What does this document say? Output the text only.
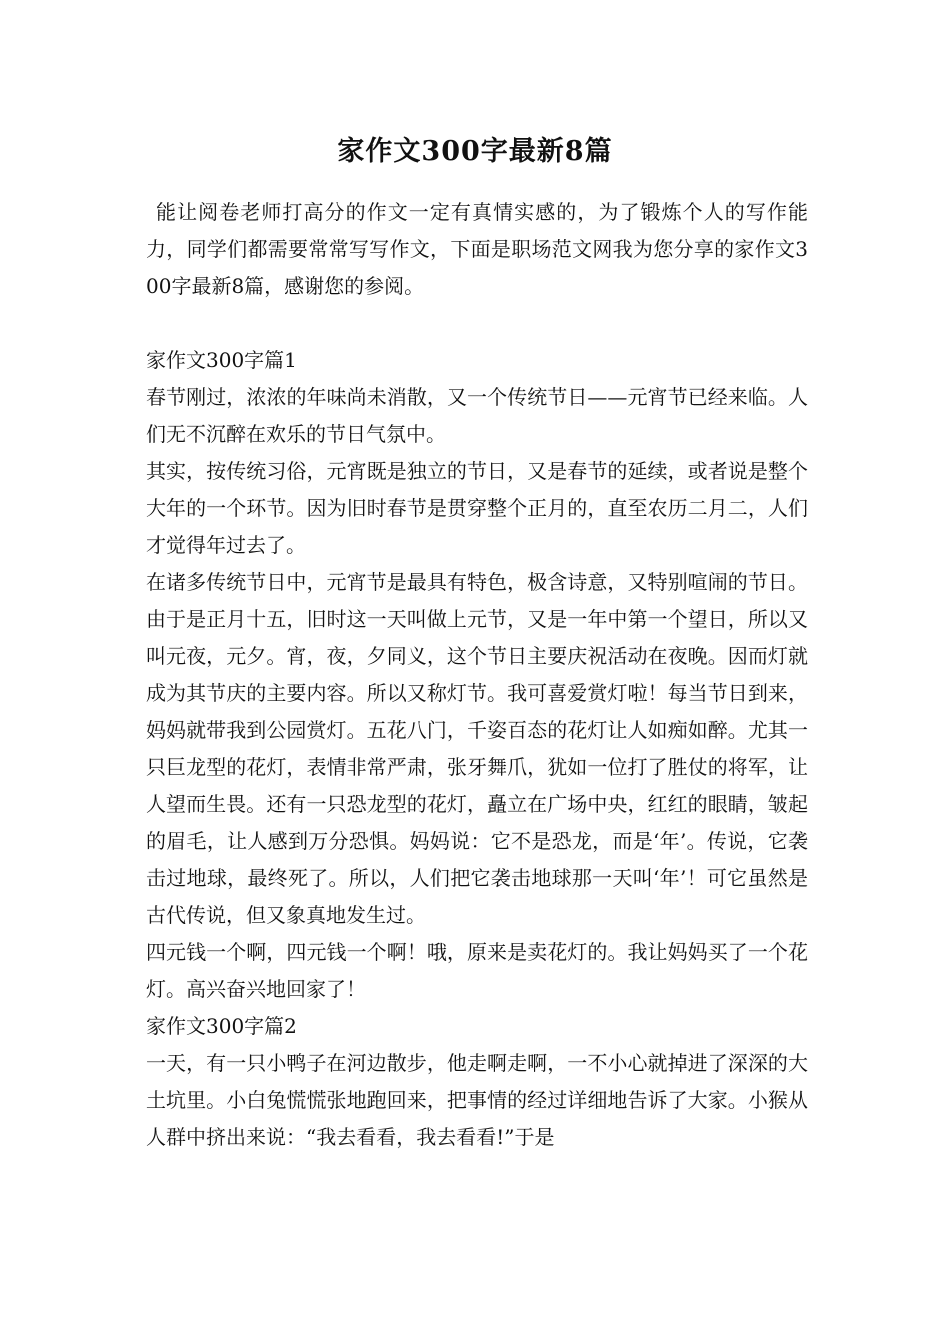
家作文300字最新8篇

能让阅卷老师打高分的作文一定有真情实感的，为了锻炼个人的写作能力，同学们都需要常常写写作文，下面是职场范文网我为您分享的家作文300字最新8篇，感谢您的参阅。

家作文300字篇1

春节刚过，浓浓的年味尚未消散，又一个传统节日——元宵节已经来临。人们无不沉醉在欢乐的节日气氛中。

其实，按传统习俗，元宵既是独立的节日，又是春节的延续，或者说是整个大年的一个环节。因为旧时春节是贯穿整个正月的，直至农历二月二，人们才觉得年过去了。

在诸多传统节日中，元宵节是最具有特色，极含诗意，又特别喧闹的节日。由于是正月十五，旧时这一天叫做上元节，又是一年中第一个望日，所以又叫元夜，元夕。宵，夜，夕同义，这个节日主要庆祝活动在夜晚。因而灯就成为其节庆的主要内容。所以又称灯节。我可喜爱赏灯啦！每当节日到来，妈妈就带我到公园赏灯。五花八门，千姿百态的花灯让人如痴如醉。尤其一只巨龙型的花灯，表情非常严肃，张牙舞爪，犹如一位打了胜仗的将军，让人望而生畏。还有一只恐龙型的花灯，矗立在广场中央，红红的眼睛，皱起的眉毛，让人感到万分恐惧。妈妈说：它不是恐龙，而是‘年’。传说，它袭击过地球，最终死了。所以，人们把它袭击地球那一天叫‘年’！可它虽然是古代传说，但又象真地发生过。

四元钱一个啊，四元钱一个啊！哦，原来是卖花灯的。我让妈妈买了一个花灯。高兴奋兴地回家了！

家作文300字篇2

一天，有一只小鸭子在河边散步，他走啊走啊，一不小心就掉进了深深的大土坑里。小白兔慌慌张地跑回来，把事情的经过详细地告诉了大家。小猴从人群中挤出来说：“我去看看，我去看看!”于是
